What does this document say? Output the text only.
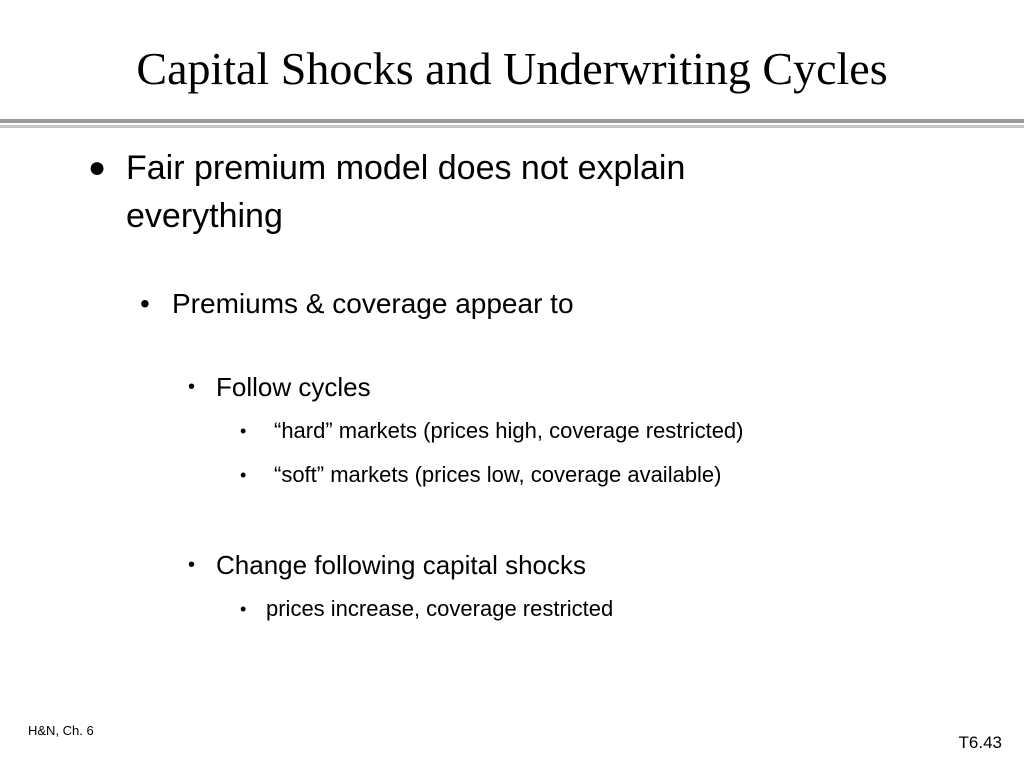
Capital Shocks and Underwriting Cycles
● Fair premium model does not explain everything
• Premiums & coverage appear to
• Follow cycles
• “hard” markets (prices high, coverage restricted)
• “soft” markets (prices low, coverage available)
• Change following capital shocks
• prices increase, coverage restricted
H&N, Ch. 6
T6.43
